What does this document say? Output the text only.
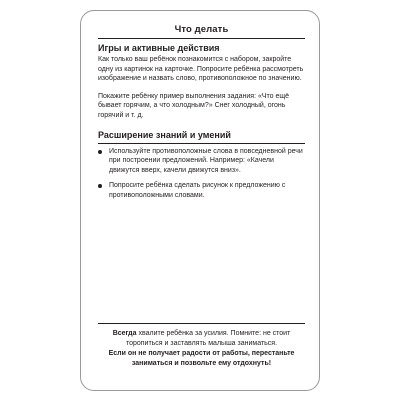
Что делать
Игры и активные действия
Как только ваш ребёнок познакомится с набором, закройте одну из картинок на карточке. Попросите ребёнка рассмотреть изображение и назвать слово, противоположное по значению.
Покажите ребёнку пример выполнения задания: «Что ещё бывает горячим, а что холодным?» Снег холодный, огонь горячий и т. д.
Расширение знаний и умений
Используйте противоположные слова в повседневной речи при построении предложений. Например: «Качели движутся вверх, качели движутся вниз».
Попросите ребёнка сделать рисунок к предложению с противоположными словами.
Всегда хвалите ребёнка за усилия. Помните: не стоит торопиться и заставлять малыша заниматься.
Если он не получает радости от работы, перестаньте заниматься и позвольте ему отдохнуть!
